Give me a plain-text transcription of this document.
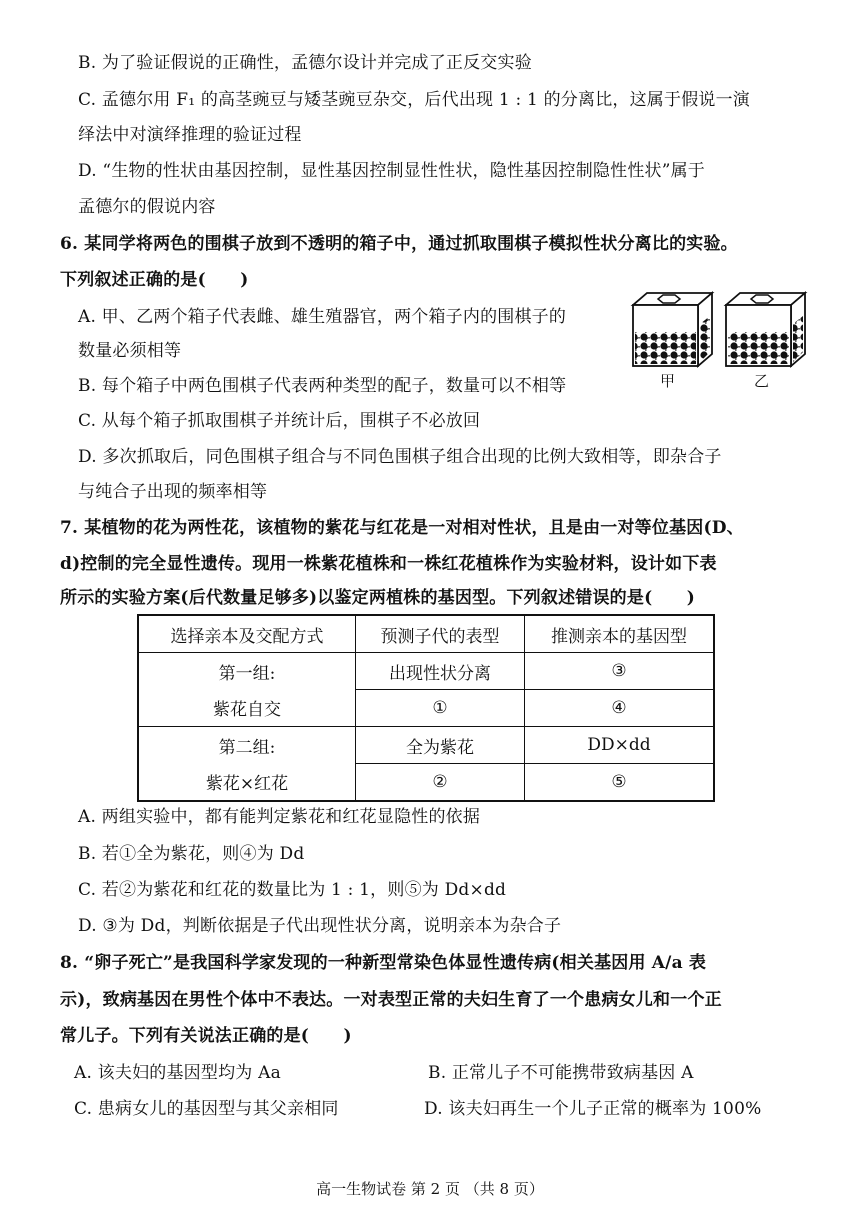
B. 为了验证假说的正确性，孟德尔设计并完成了正反交实验
C. 孟德尔用 F₁ 的高茎豌豆与矮茎豌豆杂交，后代出现 1 : 1 的分离比，这属于假说一演
绎法中对演绎推理的验证过程
D. “生物的性状由基因控制，显性基因控制显性性状，隐性基因控制隐性性状”属于
孟德尔的假说内容
6. 某同学将两色的围棋子放到不透明的箱子中，通过抓取围棋子模拟性状分离比的实验。
下列叙述正确的是(　　)
A. 甲、乙两个箱子代表雌、雄生殖器官，两个箱子内的围棋子的
数量必须相等
B. 每个箱子中两色围棋子代表两种类型的配子，数量可以不相等
C. 从每个箱子抓取围棋子并统计后，围棋子不必放回
D. 多次抓取后，同色围棋子组合与不同色围棋子组合出现的比例大致相等，即杂合子
与纯合子出现的频率相等
甲	乙
7. 某植物的花为两性花，该植物的紫花与红花是一对相对性状，且是由一对等位基因(D、
d)控制的完全显性遗传。现用一株紫花植株和一株红花植株作为实验材料，设计如下表
所示的实验方案(后代数量足够多)以鉴定两植株的基因型。下列叙述错误的是(　　)
选择亲本及交配方式	预测子代的表型	推测亲本的基因型
第一组:	出现性状分离	③
紫花自交	①	④
第二组:	全为紫花	DD×dd
紫花×红花	②	⑤
A. 两组实验中，都有能判定紫花和红花显隐性的依据
B. 若①全为紫花，则④为 Dd
C. 若②为紫花和红花的数量比为 1 : 1，则⑤为 Dd×dd
D. ③为 Dd，判断依据是子代出现性状分离，说明亲本为杂合子
8. “卵子死亡”是我国科学家发现的一种新型常染色体显性遗传病(相关基因用 A/a 表
示)，致病基因在男性个体中不表达。一对表型正常的夫妇生育了一个患病女儿和一个正
常儿子。下列有关说法正确的是(　　)
A. 该夫妇的基因型均为 Aa	B. 正常儿子不可能携带致病基因 A
C. 患病女儿的基因型与其父亲相同	D. 该夫妇再生一个儿子正常的概率为 100%
高一生物试卷 第 2 页 （共 8 页）
